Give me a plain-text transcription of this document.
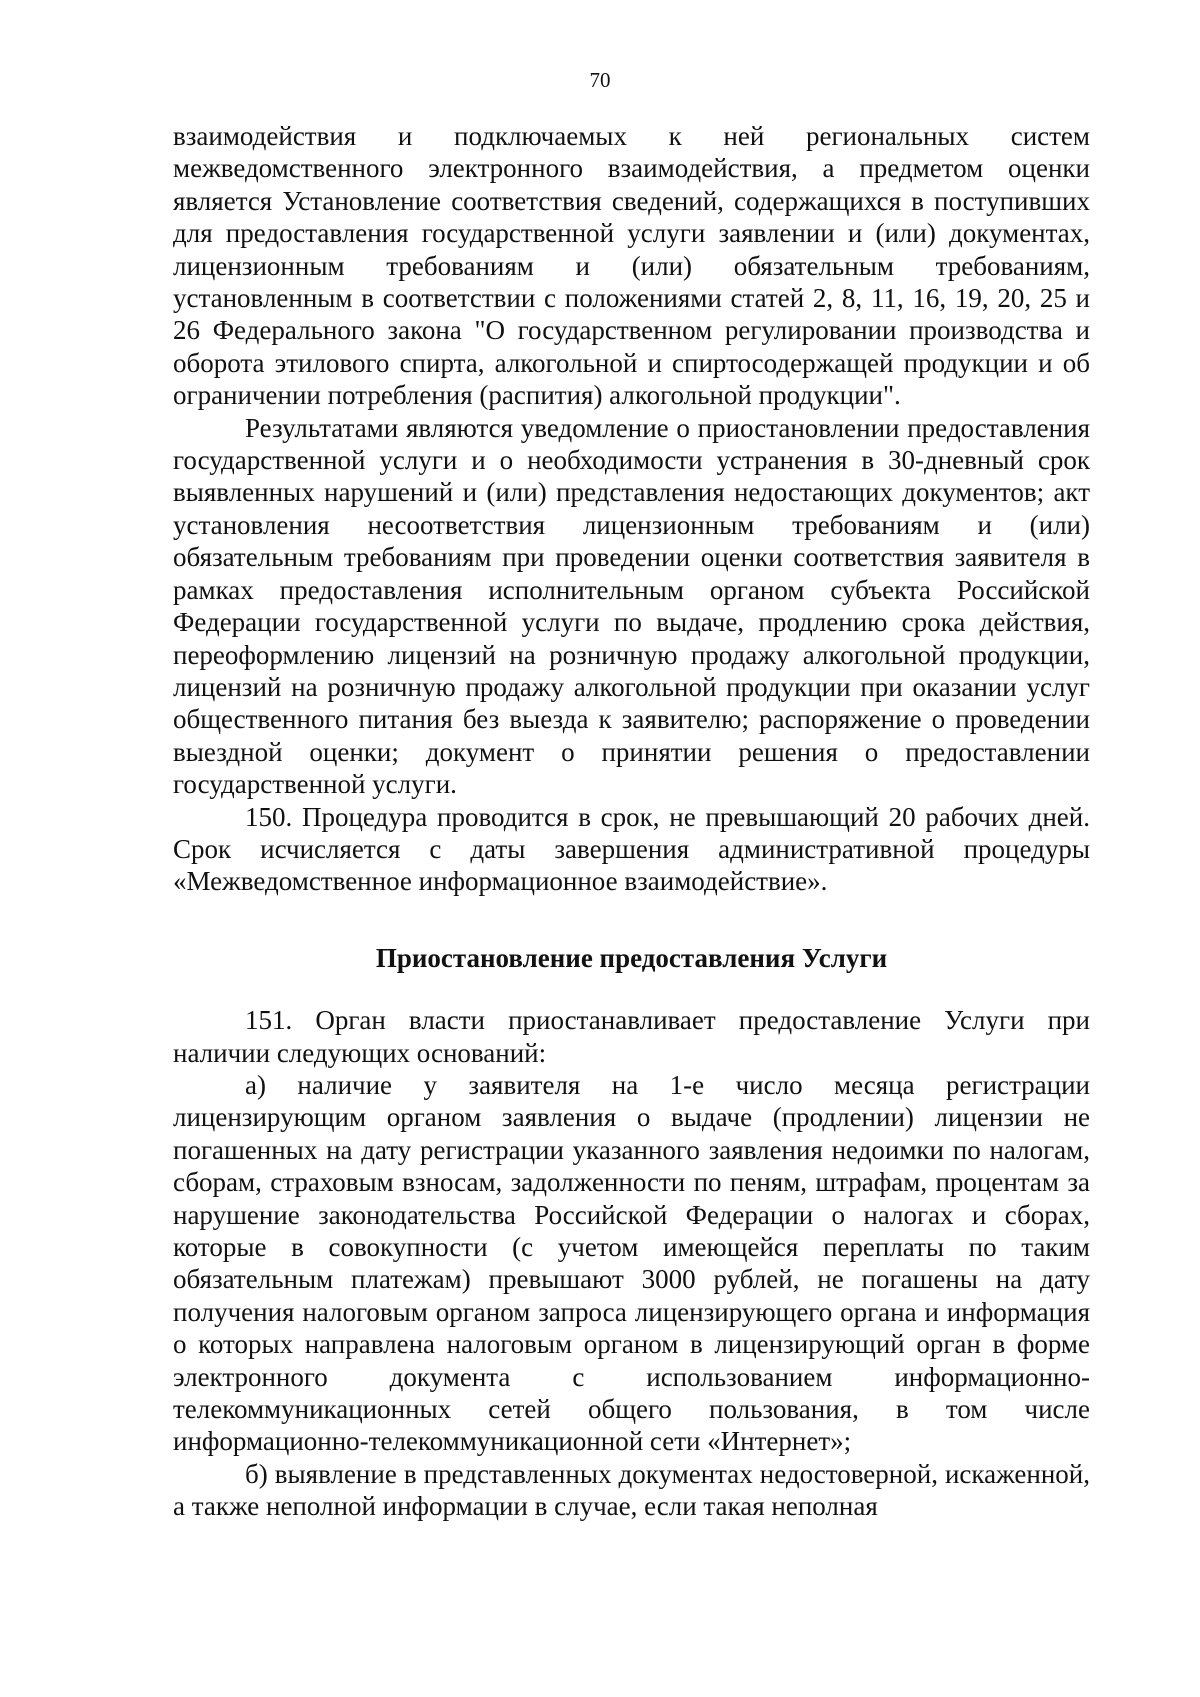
70

взаимодействия и подключаемых к ней региональных систем межведомственного электронного взаимодействия, а предметом оценки является Установление соответствия сведений, содержащихся в поступивших для предоставления государственной услуги заявлении и (или) документах, лицензионным требованиям и (или) обязательным требованиям, установленным в соответствии с положениями статей 2, 8, 11, 16, 19, 20, 25 и 26 Федерального закона "О государственном регулировании производства и оборота этилового спирта, алкогольной и спиртосодержащей продукции и об ограничении потребления (распития) алкогольной продукции".

Результатами являются уведомление о приостановлении предоставления государственной услуги и о необходимости устранения в 30-дневный срок выявленных нарушений и (или) представления недостающих документов; акт установления несоответствия лицензионным требованиям и (или) обязательным требованиям при проведении оценки соответствия заявителя в рамках предоставления исполнительным органом субъекта Российской Федерации государственной услуги по выдаче, продлению срока действия, переоформлению лицензий на розничную продажу алкогольной продукции, лицензий на розничную продажу алкогольной продукции при оказании услуг общественного питания без выезда к заявителю; распоряжение о проведении выездной оценки; документ о принятии решения о предоставлении государственной услуги.

150. Процедура проводится в срок, не превышающий 20 рабочих дней. Срок исчисляется с даты завершения административной процедуры «Межведомственное информационное взаимодействие».

Приостановление предоставления Услуги

151. Орган власти приостанавливает предоставление Услуги при наличии следующих оснований:

а) наличие у заявителя на 1-е число месяца регистрации лицензирующим органом заявления о выдаче (продлении) лицензии не погашенных на дату регистрации указанного заявления недоимки по налогам, сборам, страховым взносам, задолженности по пеням, штрафам, процентам за нарушение законодательства Российской Федерации о налогах и сборах, которые в совокупности (с учетом имеющейся переплаты по таким обязательным платежам) превышают 3000 рублей, не погашены на дату получения налоговым органом запроса лицензирующего органа и информация о которых направлена налоговым органом в лицензирующий орган в форме электронного документа с использованием информационно-телекоммуникационных сетей общего пользования, в том числе информационно-телекоммуникационной сети «Интернет»;

б) выявление в представленных документах недостоверной, искаженной, а также неполной информации в случае, если такая неполная
